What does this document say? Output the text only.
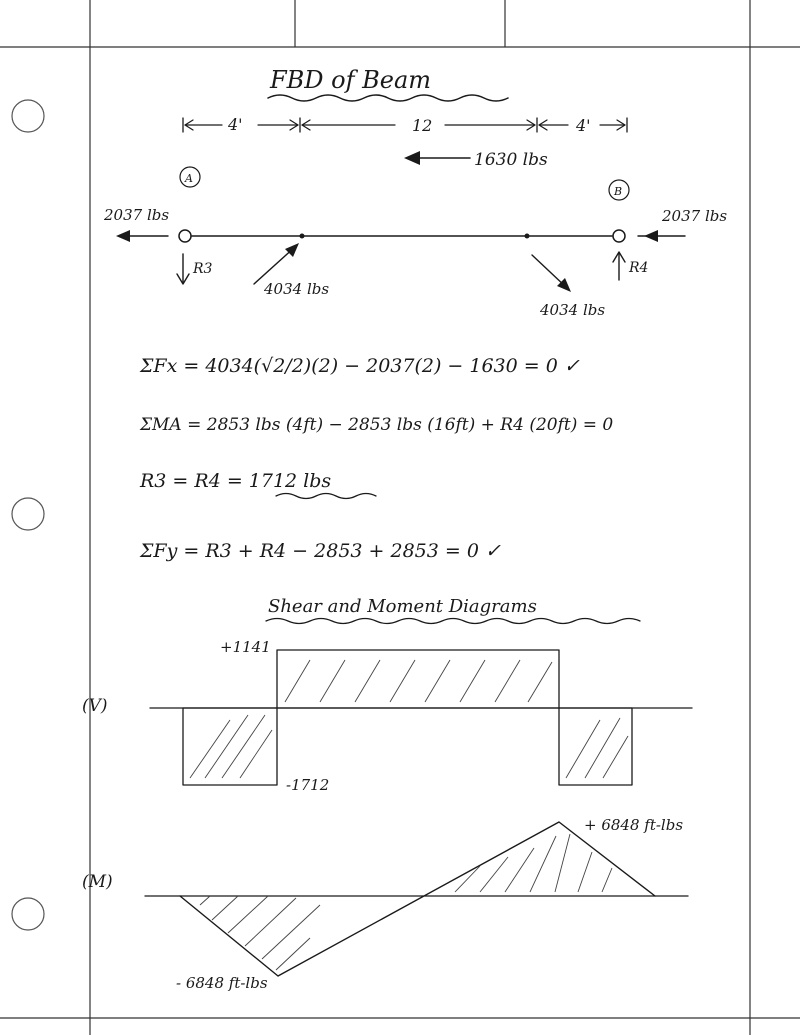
FBD of Beam
4'	12	4'
1630 lbs
A
B
2037 lbs	2037 lbs
R3	R4
4034 lbs
4034 lbs
ΣFx = 4034(√2/2)(2) − 2037(2) − 1630 = 0 ✓
ΣMA = 2853 lbs (4ft) − 2853 lbs (16ft) + R4 (20ft) = 0
R3 = R4 = 1712 lbs
ΣFy = R3 + R4 − 2853 + 2853 = 0 ✓
Shear and Moment Diagrams
(V)
+1141
-1712
(M)
+ 6848 ft-lbs
- 6848 ft-lbs
